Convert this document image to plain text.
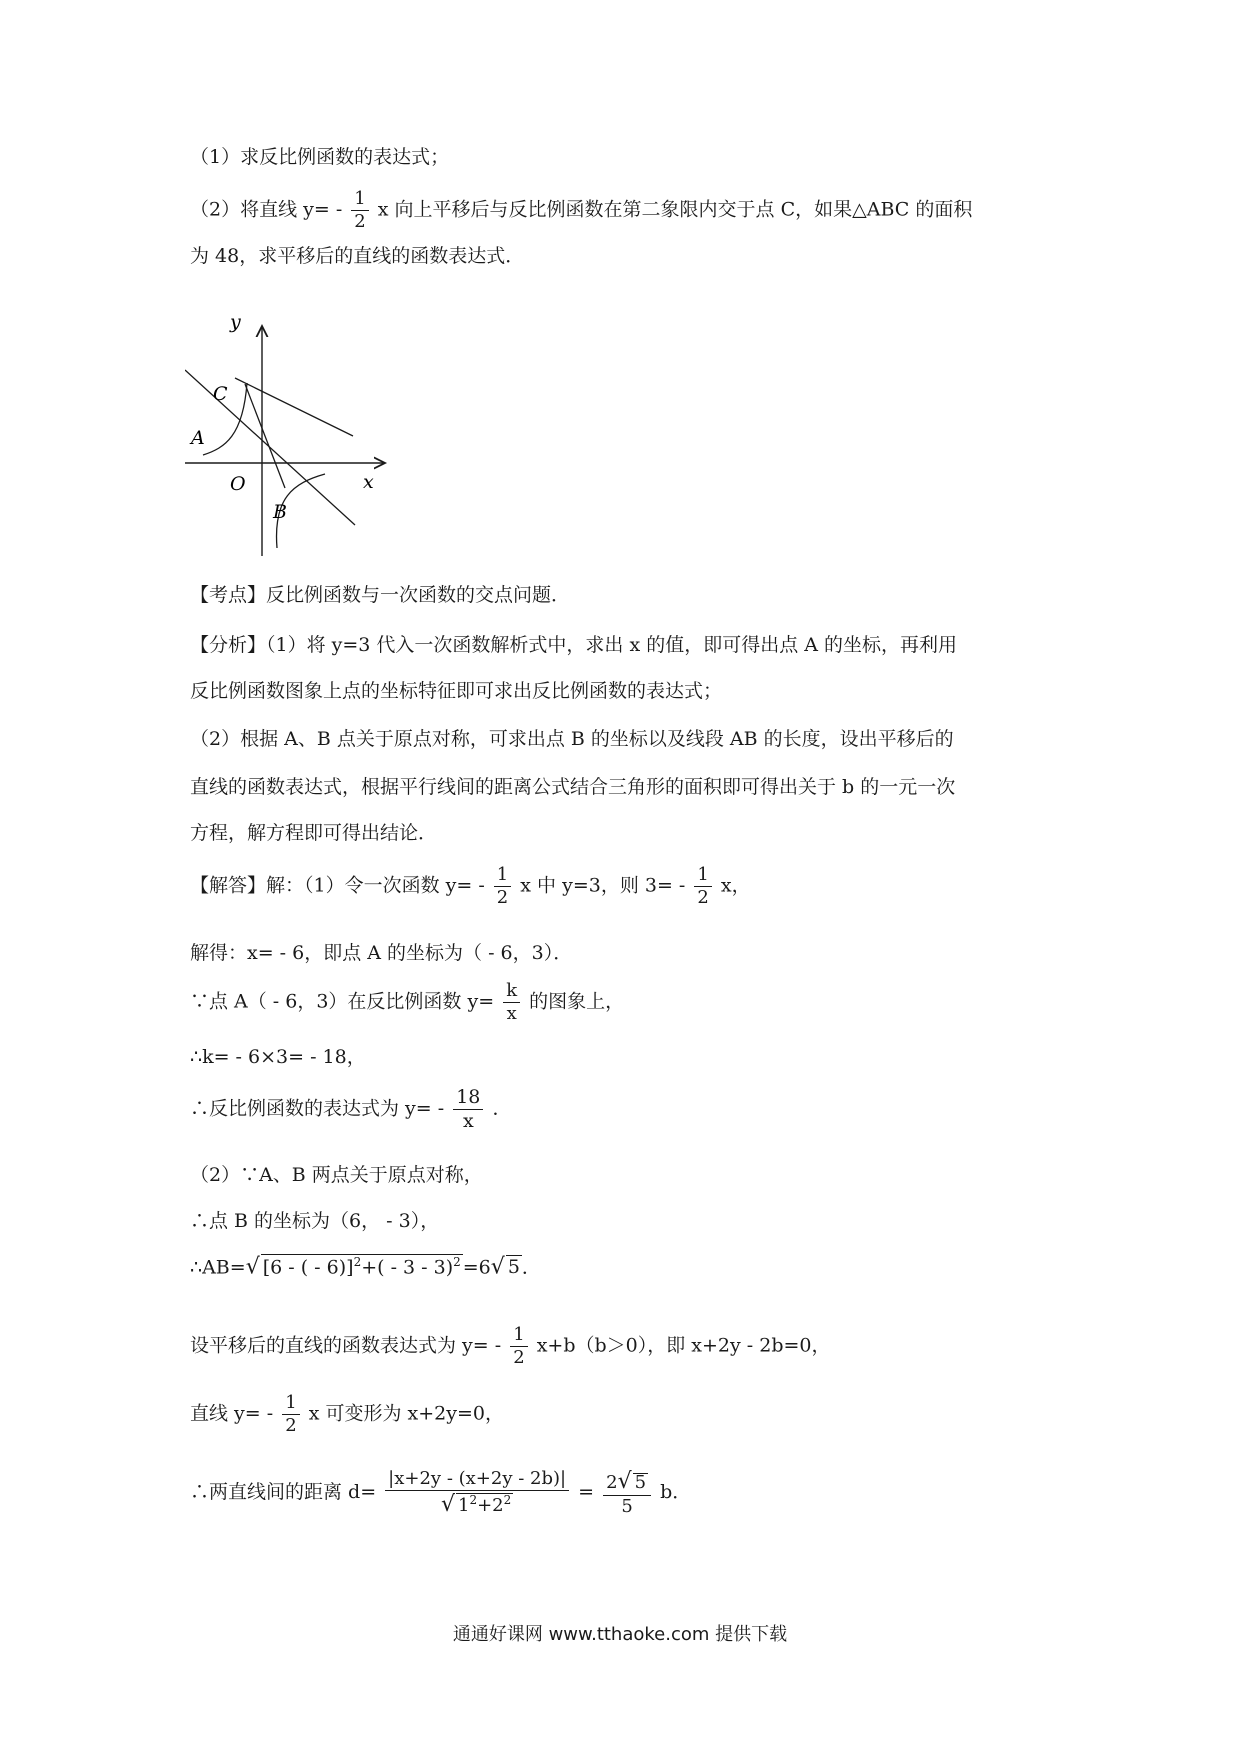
（1）求反比例函数的表达式；
（2）将直线 $y= - \frac{1}{2}$ x 向上平移后与反比例函数在第二象限内交于点 C，如果△ABC 的面积
为 48，求平移后的直线的函数表达式．
y
x
O
C
A
B
【考点】反比例函数与一次函数的交点问题．
【分析】（1）将 y=3 代入一次函数解析式中，求出 x 的值，即可得出点 A 的坐标，再利用
反比例函数图象上点的坐标特征即可求出反比例函数的表达式；
（2）根据 A、B 点关于原点对称，可求出点 B 的坐标以及线段 AB 的长度，设出平移后的
直线的函数表达式，根据平行线间的距离公式结合三角形的面积即可得出关于 b 的一元一次
方程，解方程即可得出结论．
【解答】解：（1）令一次函数 $y= - \frac{1}{2}$ x 中 y=3，则 $3= - \frac{1}{2}$ x，
解得：x= - 6，即点 A 的坐标为（ - 6，3）．
∵点 A（ - 6，3）在反比例函数 $y= \frac{k}{x}$ 的图象上，
∴k= - 6×3= - 18，
∴反比例函数的表达式为 $y= - \frac{18}{x}$ ．
（2）∵A、B 两点关于原点对称，
∴点 B 的坐标为（6， - 3），
∴AB=√ [6 - ( - 6)]$^2$+( - 3 - 3)$^2$ =6√ 5 ．
设平移后的直线的函数表达式为 $y= - \frac{1}{2} x+b(b>0)$，即 x+2y - 2b=0，
直线 $y= - \frac{1}{2}$ x 可变形为 x+2y=0，
∴两直线间的距离 $d= \frac{|x+2y - (x+2y - 2b)|}{√ 1^2+2^2} = \frac{2√ 5}{5}$ b．
通通好课网 www.tthaoke.com 提供下载
